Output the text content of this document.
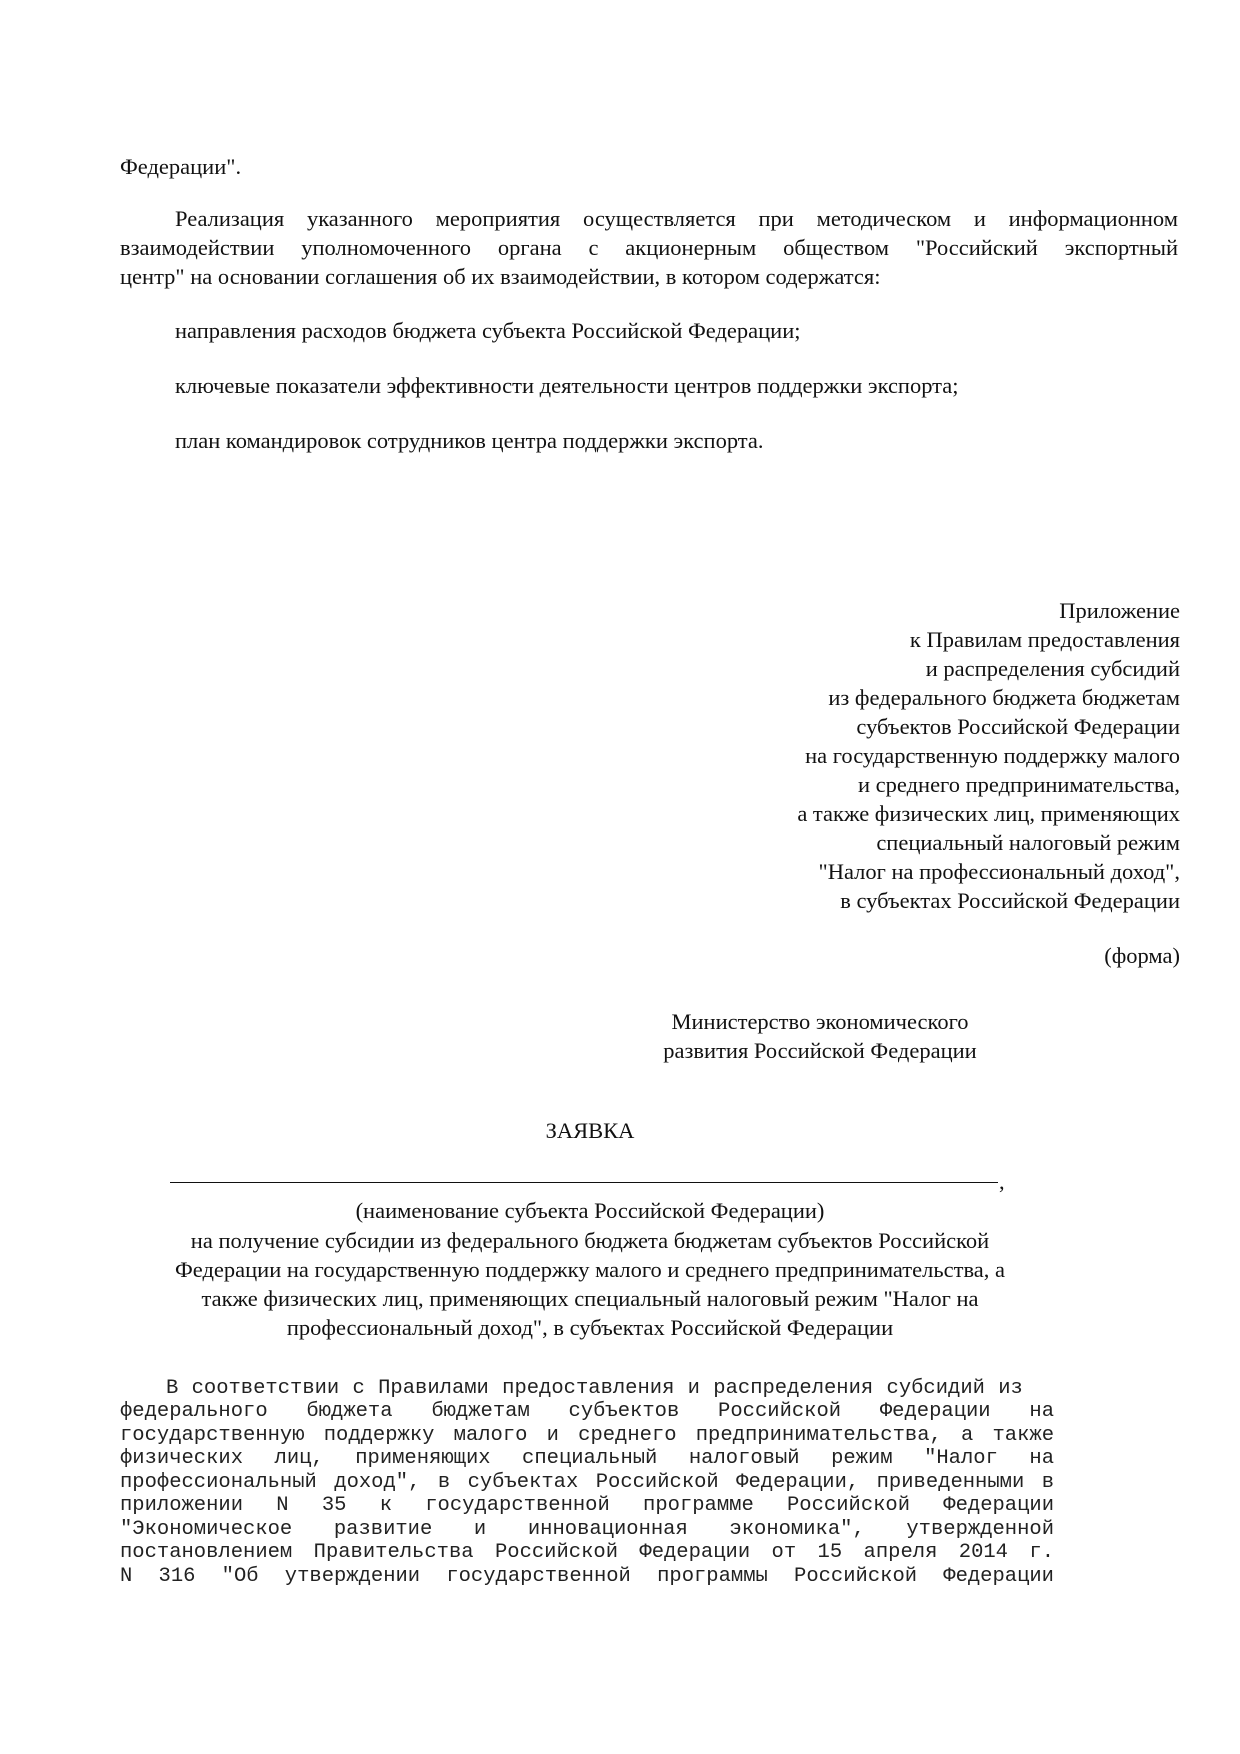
Федерации".
Реализация указанного мероприятия осуществляется при методическом и информационном
взаимодействии уполномоченного органа с акционерным обществом "Российский экспортный
центр" на основании соглашения об их взаимодействии, в котором содержатся:
направления расходов бюджета субъекта Российской Федерации;
ключевые показатели эффективности деятельности центров поддержки экспорта;
план командировок сотрудников центра поддержки экспорта.
Приложение
к Правилам предоставления
и распределения субсидий
из федерального бюджета бюджетам
субъектов Российской Федерации
на государственную поддержку малого
и среднего предпринимательства,
а также физических лиц, применяющих
специальный налоговый режим
"Налог на профессиональный доход",
в субъектах Российской Федерации
(форма)
Министерство экономического
развития Российской Федерации
ЗАЯВКА
,
(наименование субъекта Российской Федерации)
на получение субсидии из федерального бюджета бюджетам субъектов Российской
Федерации на государственную поддержку малого и среднего предпринимательства, а
также физических лиц, применяющих специальный налоговый режим "Налог на
профессиональный доход", в субъектах Российской Федерации
В соответствии с Правилами предоставления и распределения субсидий из
федерального бюджета бюджетам субъектов Российской Федерации на
государственную поддержку малого и среднего предпринимательства, а также
физических лиц, применяющих специальный налоговый режим "Налог на
профессиональный доход", в субъектах Российской Федерации, приведенными в
приложении N 35 к государственной программе Российской Федерации
"Экономическое развитие и инновационная экономика", утвержденной
постановлением Правительства Российской Федерации от 15 апреля 2014 г.
N 316 "Об утверждении государственной программы Российской Федерации
